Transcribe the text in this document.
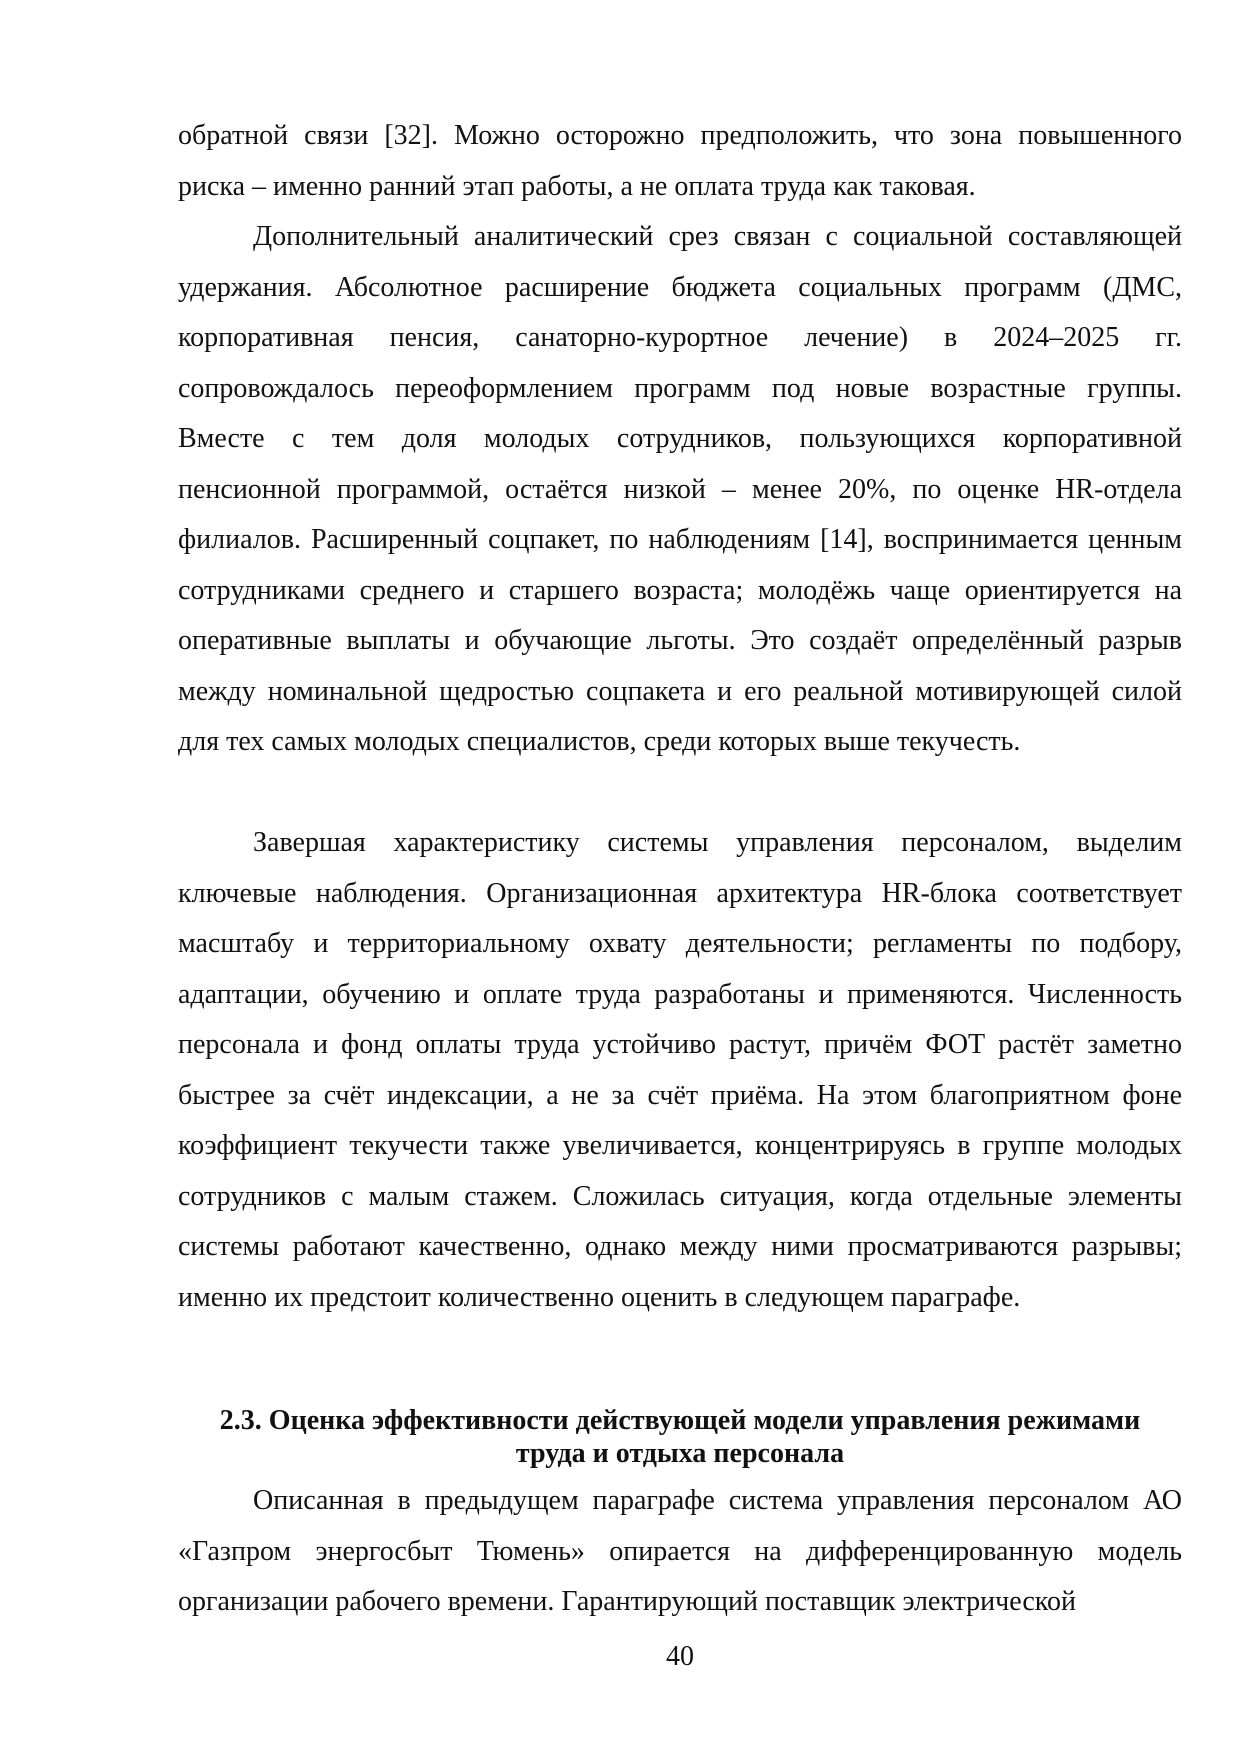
обратной связи [32]. Можно осторожно предположить, что зона повышенного риска – именно ранний этап работы, а не оплата труда как таковая.

Дополнительный аналитический срез связан с социальной составляющей удержания. Абсолютное расширение бюджета социальных программ (ДМС, корпоративная пенсия, санаторно-курортное лечение) в 2024–2025 гг. сопровождалось переоформлением программ под новые возрастные группы. Вместе с тем доля молодых сотрудников, пользующихся корпоративной пенсионной программой, остаётся низкой – менее 20%, по оценке HR-отдела филиалов. Расширенный соцпакет, по наблюдениям [14], воспринимается ценным сотрудниками среднего и старшего возраста; молодёжь чаще ориентируется на оперативные выплаты и обучающие льготы. Это создаёт определённый разрыв между номинальной щедростью соцпакета и его реальной мотивирующей силой для тех самых молодых специалистов, среди которых выше текучесть.

Завершая характеристику системы управления персоналом, выделим ключевые наблюдения. Организационная архитектура HR-блока соответствует масштабу и территориальному охвату деятельности; регламенты по подбору, адаптации, обучению и оплате труда разработаны и применяются. Численность персонала и фонд оплаты труда устойчиво растут, причём ФОТ растёт заметно быстрее за счёт индексации, а не за счёт приёма. На этом благоприятном фоне коэффициент текучести также увеличивается, концентрируясь в группе молодых сотрудников с малым стажем. Сложилась ситуация, когда отдельные элементы системы работают качественно, однако между ними просматриваются разрывы; именно их предстоит количественно оценить в следующем параграфе.

2.3. Оценка эффективности действующей модели управления режимами
труда и отдыха персонала

Описанная в предыдущем параграфе система управления персоналом АО «Газпром энергосбыт Тюмень» опирается на дифференцированную модель организации рабочего времени. Гарантирующий поставщик электрической

40
